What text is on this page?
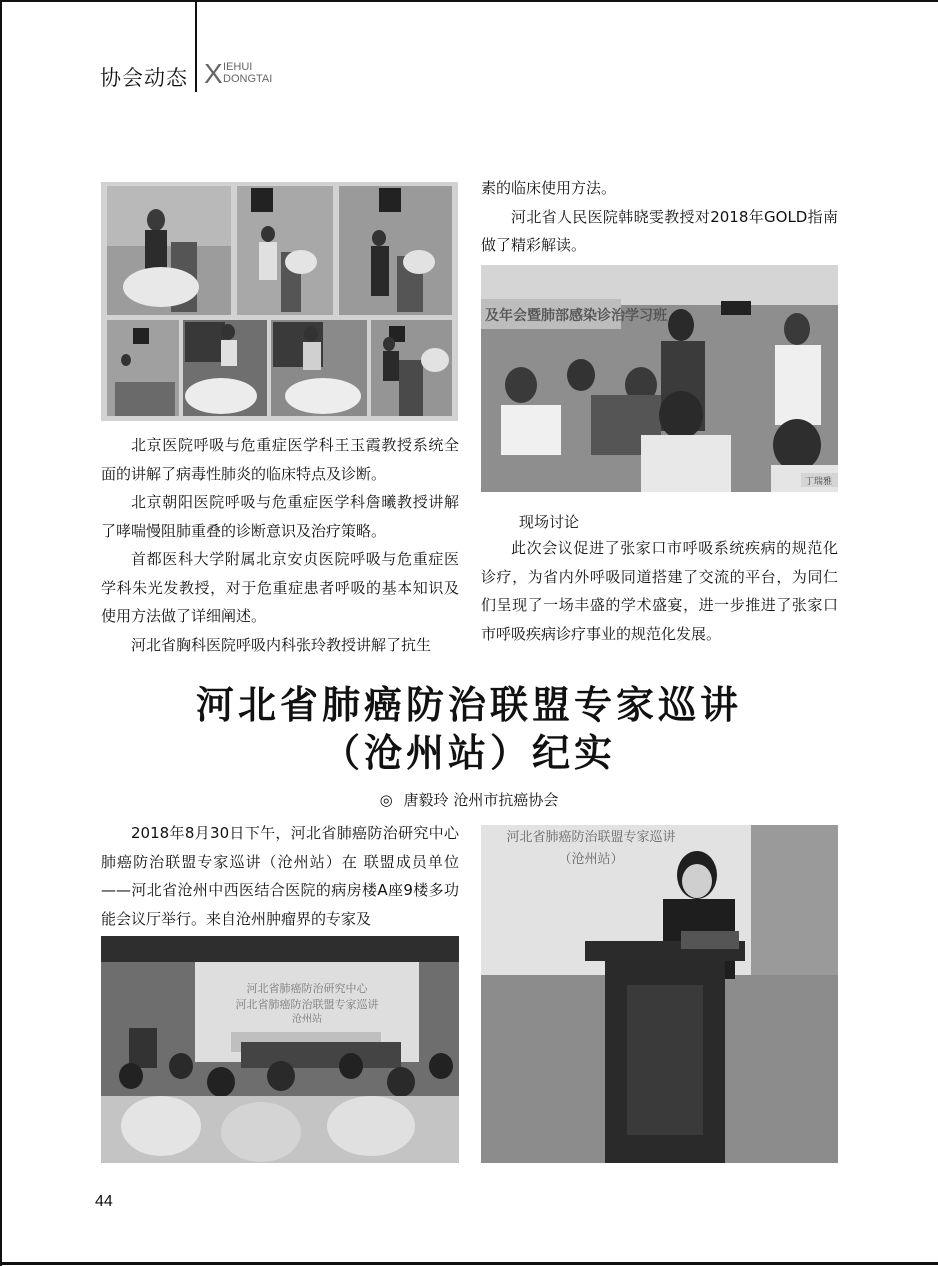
协会动态 X IEHUI
DONGTAI

北京医院呼吸与危重症医学科王玉霞教授系统全面的讲解了病毒性肺炎的临床特点及诊断。

北京朝阳医院呼吸与危重症医学科詹曦教授讲解了哮喘慢阻肺重叠的诊断意识及治疗策略。

首都医科大学附属北京安贞医院呼吸与危重症医学科朱光发教授，对于危重症患者呼吸的基本知识及使用方法做了详细阐述。

河北省胸科医院呼吸内科张玲教授讲解了抗生

素的临床使用方法。

河北省人民医院韩晓雯教授对2018年GOLD指南做了精彩解读。

及年会暨肺部感染诊治学习班
丁瑞雅
现场讨论

此次会议促进了张家口市呼吸系统疾病的规范化诊疗，为省内外呼吸同道搭建了交流的平台，为同仁们呈现了一场丰盛的学术盛宴，进一步推进了张家口市呼吸疾病诊疗事业的规范化发展。

河北省肺癌防治联盟专家巡讲
（沧州站）纪实
◎ 唐毅玲 沧州市抗癌协会

2018年8月30日下午，河北省肺癌防治研究中心肺癌防治联盟专家巡讲（沧州站）在 联盟成员单位——河北省沧州中西医结合医院的病房楼A座9楼多功能会议厅举行。来自沧州肿瘤界的专家及

河北省肺癌防治研究中心
河北省肺癌防治联盟专家巡讲
沧州站
河北省肺癌防治联盟专家巡讲
（沧州站）
44
